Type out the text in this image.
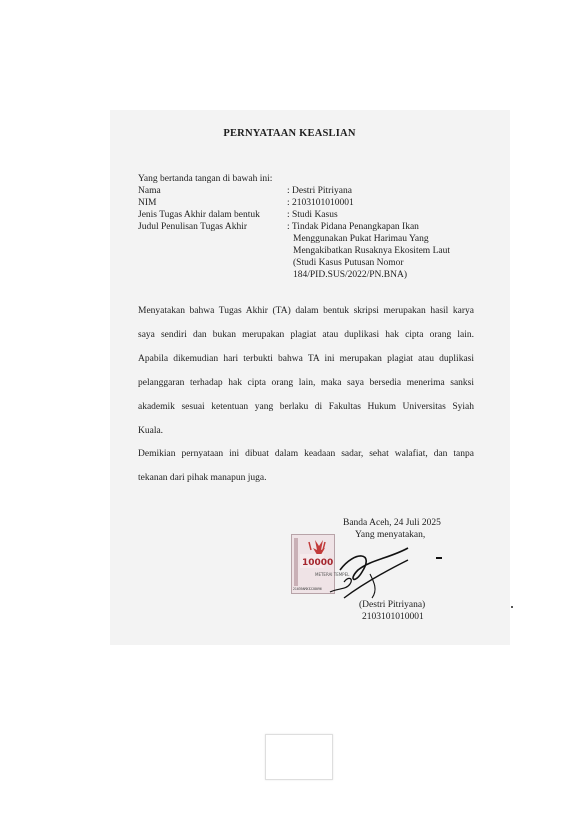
PERNYATAAN KEASLIAN
Yang bertanda tangan di bawah ini:
Nama	: Destri Pitriyana
NIM	: 2103101010001
Jenis Tugas Akhir dalam bentuk	: Studi Kasus
Judul Penulisan Tugas Akhir	: Tindak Pidana Penangkapan Ikan
Menggunakan Pukat Harimau Yang
Mengakibatkan Rusaknya Ekositem Laut
(Studi Kasus Putusan Nomor
184/PID.SUS/2022/PN.BNA)
Menyatakan bahwa Tugas Akhir (TA) dalam bentuk skripsi merupakan hasil karya
saya sendiri dan bukan merupakan plagiat atau duplikasi hak cipta orang lain.
Apabila dikemudian hari terbukti bahwa TA ini merupakan plagiat atau duplikasi
pelanggaran terhadap hak cipta orang lain, maka saya bersedia menerima sanksi
akademik sesuai ketentuan yang berlaku di Fakultas Hukum Universitas Syiah
Kuala.
Demikian pernyataan ini dibuat dalam keadaan sadar, sehat walafiat, dan tanpa
tekanan dari pihak manapun juga.
Banda Aceh, 24 Juli 2025
Yang menyatakan,
10000
METERAI TEMPEL
21039AMX3228096
(Destri Pitriyana)
2103101010001
